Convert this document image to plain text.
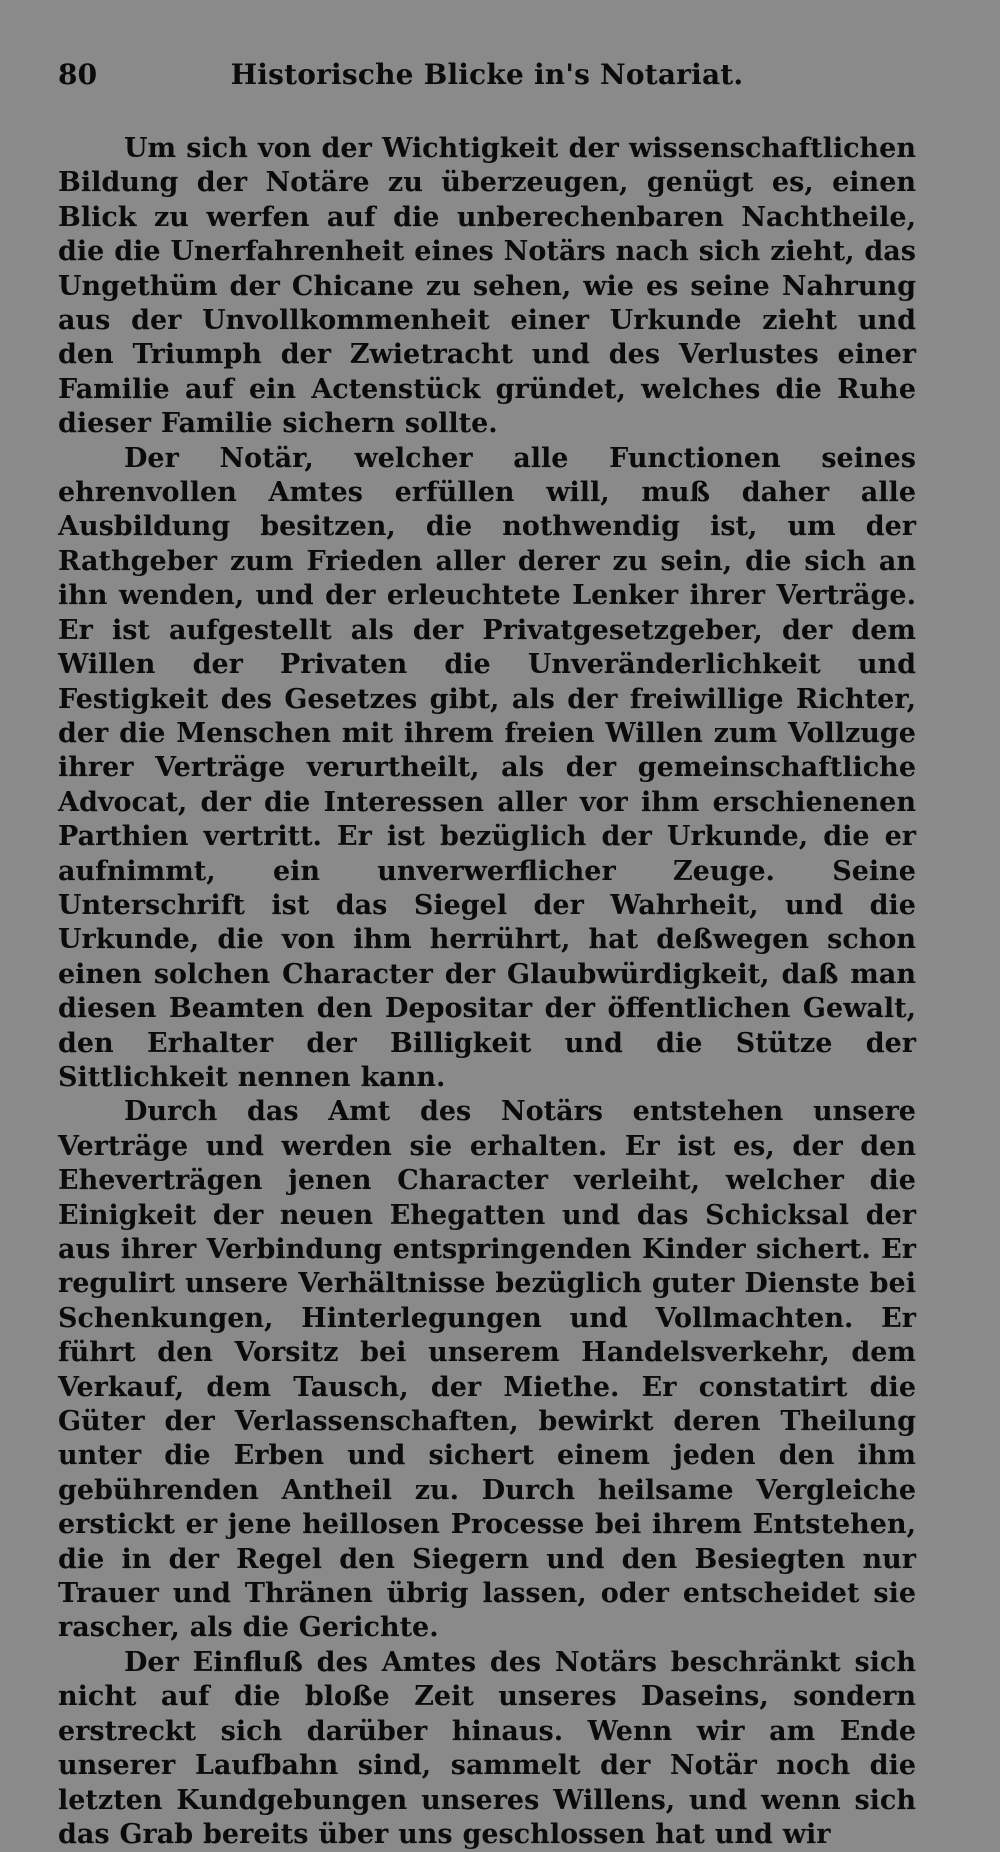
80	Historische Blicke in's Notariat.

Um sich von der Wichtigkeit der wissenschaftlichen Bildung der Notäre zu überzeugen, genügt es, einen Blick zu werfen auf die unberechenbaren Nachtheile, die die Unerfahrenheit eines Notärs nach sich zieht, das Ungethüm der Chicane zu sehen, wie es seine Nahrung aus der Unvollkommenheit einer Urkunde zieht und den Triumph der Zwietracht und des Verlustes einer Familie auf ein Actenstück gründet, welches die Ruhe dieser Familie sichern sollte.

Der Notär, welcher alle Functionen seines ehrenvollen Amtes erfüllen will, muß daher alle Ausbildung besitzen, die nothwendig ist, um der Rathgeber zum Frieden aller derer zu sein, die sich an ihn wenden, und der erleuchtete Lenker ihrer Verträge. Er ist aufgestellt als der Privatgesetzgeber, der dem Willen der Privaten die Unveränderlichkeit und Festigkeit des Gesetzes gibt, als der freiwillige Richter, der die Menschen mit ihrem freien Willen zum Vollzuge ihrer Verträge verurtheilt, als der gemeinschaftliche Advocat, der die Interessen aller vor ihm erschienenen Parthien vertritt. Er ist bezüglich der Urkunde, die er aufnimmt, ein unverwerflicher Zeuge. Seine Unterschrift ist das Siegel der Wahrheit, und die Urkunde, die von ihm herrührt, hat deßwegen schon einen solchen Character der Glaubwürdigkeit, daß man diesen Beamten den Depositar der öffentlichen Gewalt, den Erhalter der Billigkeit und die Stütze der Sittlichkeit nennen kann.

Durch das Amt des Notärs entstehen unsere Verträge und werden sie erhalten. Er ist es, der den Eheverträgen jenen Character verleiht, welcher die Einigkeit der neuen Ehegatten und das Schicksal der aus ihrer Verbindung entspringenden Kinder sichert. Er regulirt unsere Verhältnisse bezüglich guter Dienste bei Schenkungen, Hinterlegungen und Vollmachten. Er führt den Vorsitz bei unserem Handelsverkehr, dem Verkauf, dem Tausch, der Miethe. Er constatirt die Güter der Verlassenschaften, bewirkt deren Theilung unter die Erben und sichert einem jeden den ihm gebührenden Antheil zu. Durch heilsame Vergleiche erstickt er jene heillosen Processe bei ihrem Entstehen, die in der Regel den Siegern und den Besiegten nur Trauer und Thränen übrig lassen, oder entscheidet sie rascher, als die Gerichte.

Der Einfluß des Amtes des Notärs beschränkt sich nicht auf die bloße Zeit unseres Daseins, sondern erstreckt sich darüber hinaus. Wenn wir am Ende unserer Laufbahn sind, sammelt der Notär noch die letzten Kundgebungen unseres Willens, und wenn sich das Grab bereits über uns geschlossen hat und wir
